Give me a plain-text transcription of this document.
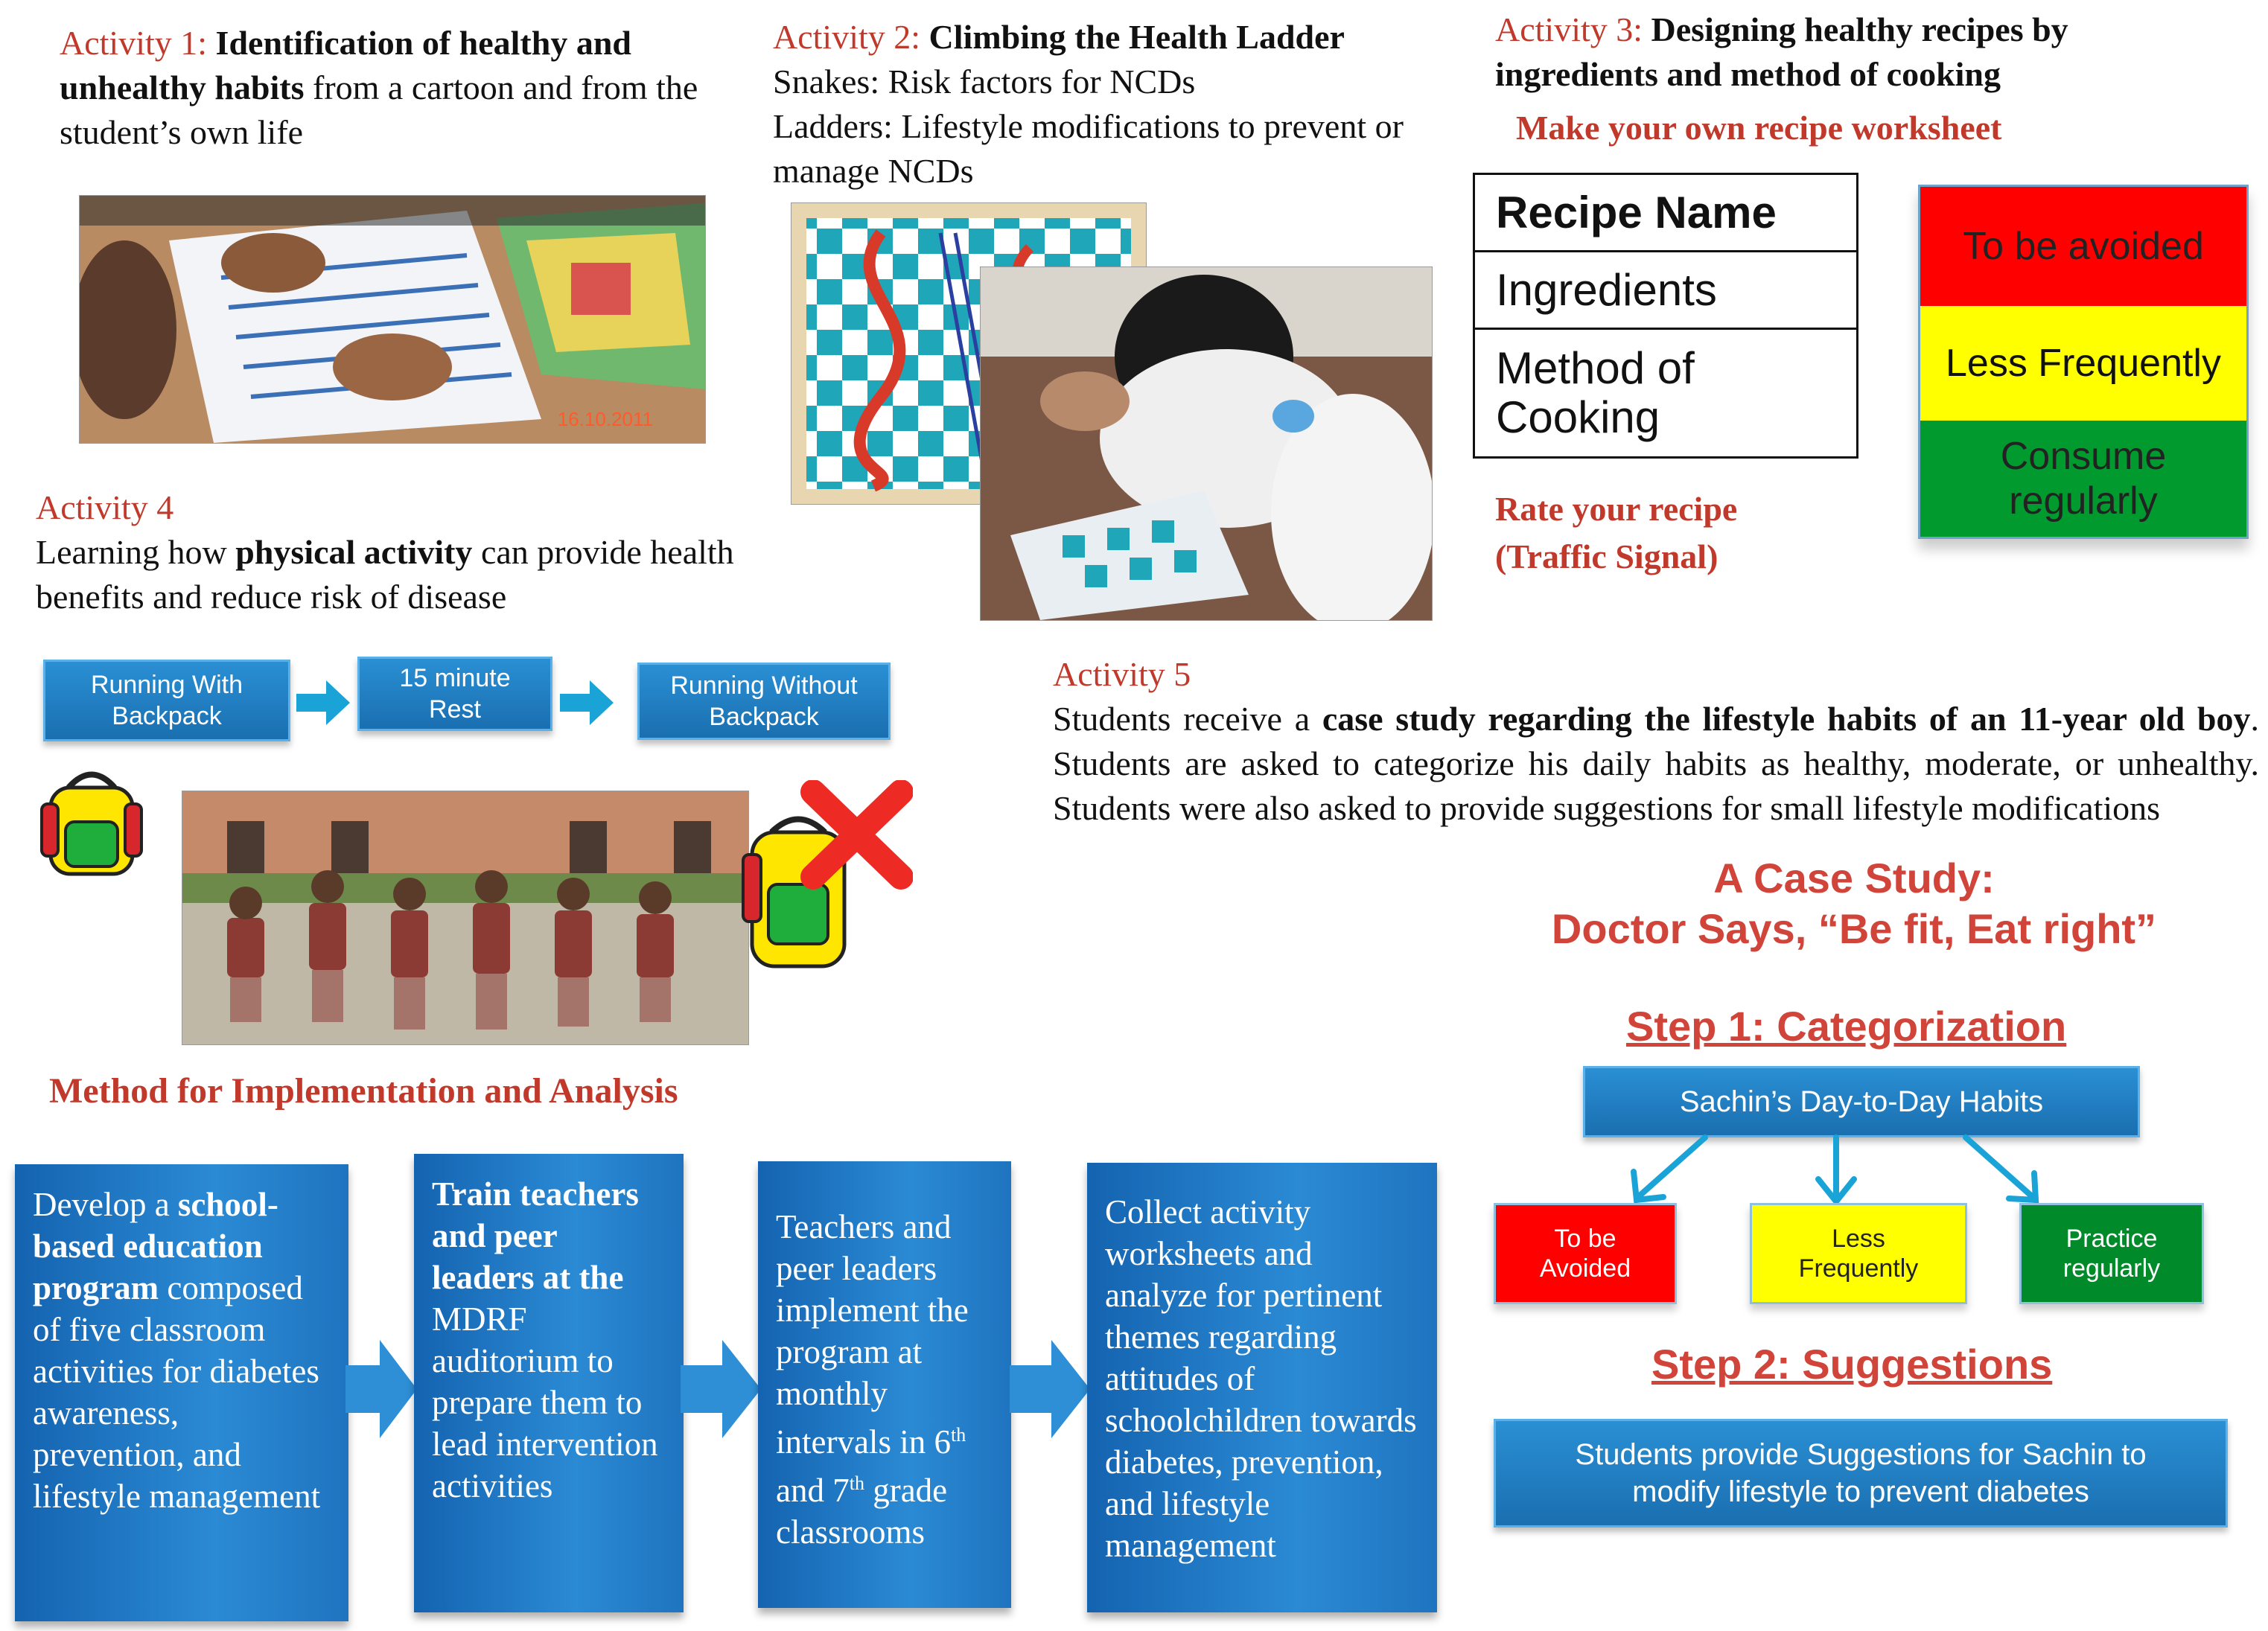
Activity 1: Identification of healthy and unhealthy habits from a cartoon and from the student’s own life
16.10.2011
Activity 2: Climbing the Health Ladder
Snakes: Risk factors for NCDs
Ladders: Lifestyle modifications to prevent or manage NCDs
Activity 3: Designing healthy recipes by ingredients and method of cooking
Make your own recipe worksheet
Recipe Name
Ingredients
Method of Cooking
Rate your recipe
(Traffic Signal)
To be avoided
Less Frequently
Consume regularly
Activity 4
Learning how physical activity can provide health benefits and reduce risk of disease
Running With Backpack
15 minute Rest
Running Without Backpack
Activity 5
Students receive a case study regarding the lifestyle habits of an 11-year old boy. Students are asked to categorize his daily habits as healthy, moderate, or unhealthy. Students were also asked to provide suggestions for small lifestyle modifications
A Case Study:
Doctor Says, “Be fit, Eat right”
Step 1: Categorization
Sachin’s Day-to-Day Habits
To be Avoided
Less Frequently
Practice regularly
Step 2: Suggestions
Students provide Suggestions for Sachin to modify lifestyle to prevent diabetes
Method for Implementation and Analysis
Develop a school-based education program composed of five classroom activities for diabetes awareness, prevention, and lifestyle management
Train teachers and peer leaders at the MDRF auditorium to prepare them to lead intervention activities
Teachers and peer leaders implement the program at monthly intervals in 6th and 7th grade classrooms
Collect activity worksheets and analyze for pertinent themes regarding attitudes of schoolchildren towards diabetes, prevention, and lifestyle management
